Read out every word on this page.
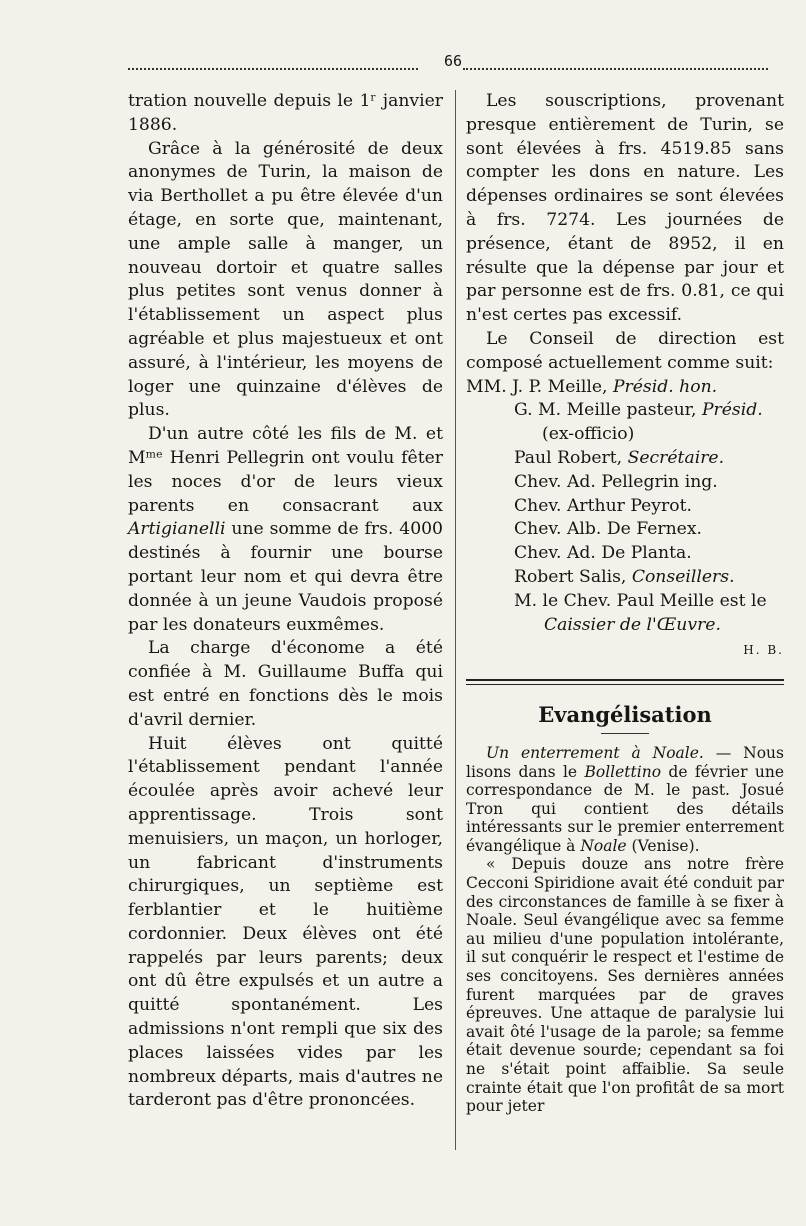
66

tration nouvelle depuis le 1ʳ janvier 1886.

Grâce à la générosité de deux anonymes de Turin, la maison de via Berthollet a pu être élevée d'un étage, en sorte que, maintenant, une ample salle à manger, un nouveau dortoir et quatre salles plus petites sont venus donner à l'établissement un aspect plus agréable et plus majestueux et ont assuré, à l'intérieur, les moyens de loger une quinzaine d'élèves de plus.

D'un autre côté les fils de M. et Mᵐᵉ Henri Pellegrin ont voulu fêter les noces d'or de leurs vieux parents en consacrant aux Artigianelli une somme de frs. 4000 destinés à fournir une bourse portant leur nom et qui devra être donnée à un jeune Vaudois proposé par les donateurs euxmêmes.

La charge d'économe a été confiée à M. Guillaume Buffa qui est entré en fonctions dès le mois d'avril dernier.

Huit élèves ont quitté l'établissement pendant l'année écoulée après avoir achevé leur apprentissage. Trois sont menuisiers, un maçon, un horloger, un fabricant d'instruments chirurgiques, un septième est ferblantier et le huitième cordonnier. Deux élèves ont été rappelés par leurs parents; deux ont dû être expulsés et un autre a quitté spontanément. Les admissions n'ont rempli que six des places laissées vides par les nombreux départs, mais d'autres ne tarderont pas d'être prononcées.

Les souscriptions, provenant presque entièrement de Turin, se sont élevées à frs. 4519.85 sans compter les dons en nature. Les dépenses ordinaires se sont élevées à frs. 7274. Les journées de présence, étant de 8952, il en résulte que la dépense par jour et par personne est de frs. 0.81, ce qui n'est certes pas excessif.

Le Conseil de direction est composé actuellement comme suit:

MM. J. P. Meille, Présid. hon.
G. M. Meille pasteur, Présid.
(ex-officio)
Paul Robert, Secrétaire.
Chev. Ad. Pellegrin ing.
Chev. Arthur Peyrot.
Chev. Alb. De Fernex.
Chev. Ad. De Planta.
Robert Salis, Conseillers.
M. le Chev. Paul Meille est le
Caissier de l'Œuvre.
H. B.
Evangélisation

Un enterrement à Noale. — Nous lisons dans le Bollettino de février une correspondance de M. le past. Josué Tron qui contient des détails intéressants sur le premier enterrement évangélique à Noale (Venise).

« Depuis douze ans notre frère Cecconi Spiridione avait été conduit par des circonstances de famille à se fixer à Noale. Seul évangélique avec sa femme au milieu d'une population intolérante, il sut conquérir le respect et l'estime de ses concitoyens. Ses dernières années furent marquées par de graves épreuves. Une attaque de paralysie lui avait ôté l'usage de la parole; sa femme était devenue sourde; cependant sa foi ne s'était point affaiblie. Sa seule crainte était que l'on profitât de sa mort pour jeter
